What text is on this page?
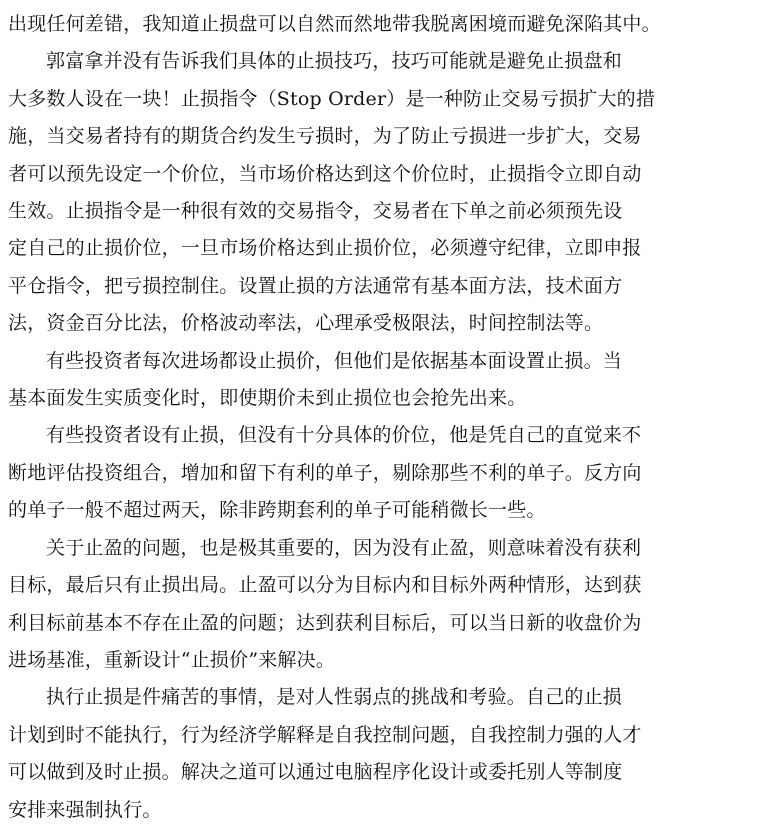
出现任何差错，我知道止损盘可以自然而然地带我脱离困境而避免深陷其中。

郭富拿并没有告诉我们具体的止损技巧，技巧可能就是避免止损盘和
大多数人设在一块！止损指令（Stop Order）是一种防止交易亏损扩大的措
施，当交易者持有的期货合约发生亏损时，为了防止亏损进一步扩大，交易
者可以预先设定一个价位，当市场价格达到这个价位时，止损指令立即自动
生效。止损指令是一种很有效的交易指令，交易者在下单之前必须预先设
定自己的止损价位，一旦市场价格达到止损价位，必须遵守纪律，立即申报
平仓指令，把亏损控制住。设置止损的方法通常有基本面方法，技术面方
法，资金百分比法，价格波动率法，心理承受极限法，时间控制法等。

有些投资者每次进场都设止损价，但他们是依据基本面设置止损。当
基本面发生实质变化时，即使期价未到止损位也会抢先出来。

有些投资者设有止损，但没有十分具体的价位，他是凭自己的直觉来不
断地评估投资组合，增加和留下有利的单子，剔除那些不利的单子。反方向
的单子一般不超过两天，除非跨期套利的单子可能稍微长一些。

关于止盈的问题，也是极其重要的，因为没有止盈，则意味着没有获利
目标，最后只有止损出局。止盈可以分为目标内和目标外两种情形，达到获
利目标前基本不存在止盈的问题；达到获利目标后，可以当日新的收盘价为
进场基准，重新设计“止损价”来解决。

执行止损是件痛苦的事情，是对人性弱点的挑战和考验。自己的止损
计划到时不能执行，行为经济学解释是自我控制问题，自我控制力强的人才
可以做到及时止损。解决之道可以通过电脑程序化设计或委托别人等制度
安排来强制执行。
